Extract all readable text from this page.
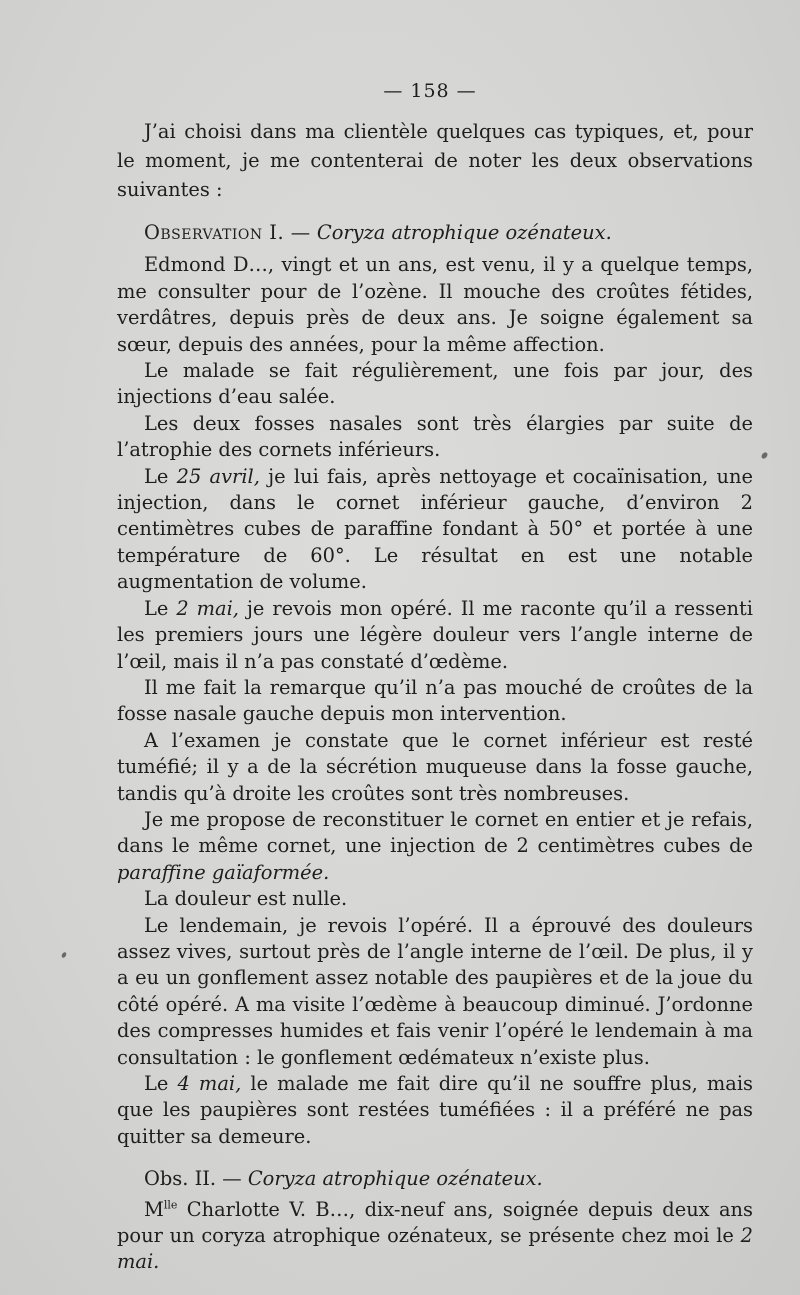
— 158 —

J’ai choisi dans ma clientèle quelques cas typiques, et, pour le moment, je me contenterai de noter les deux observations suivantes :

Observation I. — Coryza atrophique ozénateux.

Edmond D…, vingt et un ans, est venu, il y a quelque temps, me consulter pour de l’ozène. Il mouche des croûtes fétides, verdâtres, depuis près de deux ans. Je soigne également sa sœur, depuis des années, pour la même affection.

Le malade se fait régulièrement, une fois par jour, des injections d’eau salée.

Les deux fosses nasales sont très élargies par suite de l’atrophie des cornets inférieurs.

Le 25 avril, je lui fais, après nettoyage et cocaïnisation, une injection, dans le cornet inférieur gauche, d’environ 2 centimètres cubes de paraffine fondant à 50° et portée à une température de 60°. Le résultat en est une notable augmentation de volume.

Le 2 mai, je revois mon opéré. Il me raconte qu’il a ressenti les premiers jours une légère douleur vers l’angle interne de l’œil, mais il n’a pas constaté d’œdème.

Il me fait la remarque qu’il n’a pas mouché de croûtes de la fosse nasale gauche depuis mon intervention.

A l’examen je constate que le cornet inférieur est resté tuméfié; il y a de la sécrétion muqueuse dans la fosse gauche, tandis qu’à droite les croûtes sont très nombreuses.

Je me propose de reconstituer le cornet en entier et je refais, dans le même cornet, une injection de 2 centimètres cubes de paraffine gaïaformée.

La douleur est nulle.

Le lendemain, je revois l’opéré. Il a éprouvé des douleurs assez vives, surtout près de l’angle interne de l’œil. De plus, il y a eu un gonflement assez notable des paupières et de la joue du côté opéré. A ma visite l’œdème à beaucoup diminué. J’ordonne des compresses humides et fais venir l’opéré le lendemain à ma consultation : le gonflement œdémateux n’existe plus.

Le 4 mai, le malade me fait dire qu’il ne souffre plus, mais que les paupières sont restées tuméfiées : il a préféré ne pas quitter sa demeure.

Obs. II. — Coryza atrophique ozénateux.

$M^{lle}$ Charlotte V. B…, dix-neuf ans, soignée depuis deux ans pour un coryza atrophique ozénateux, se présente chez moi le 2 mai.
